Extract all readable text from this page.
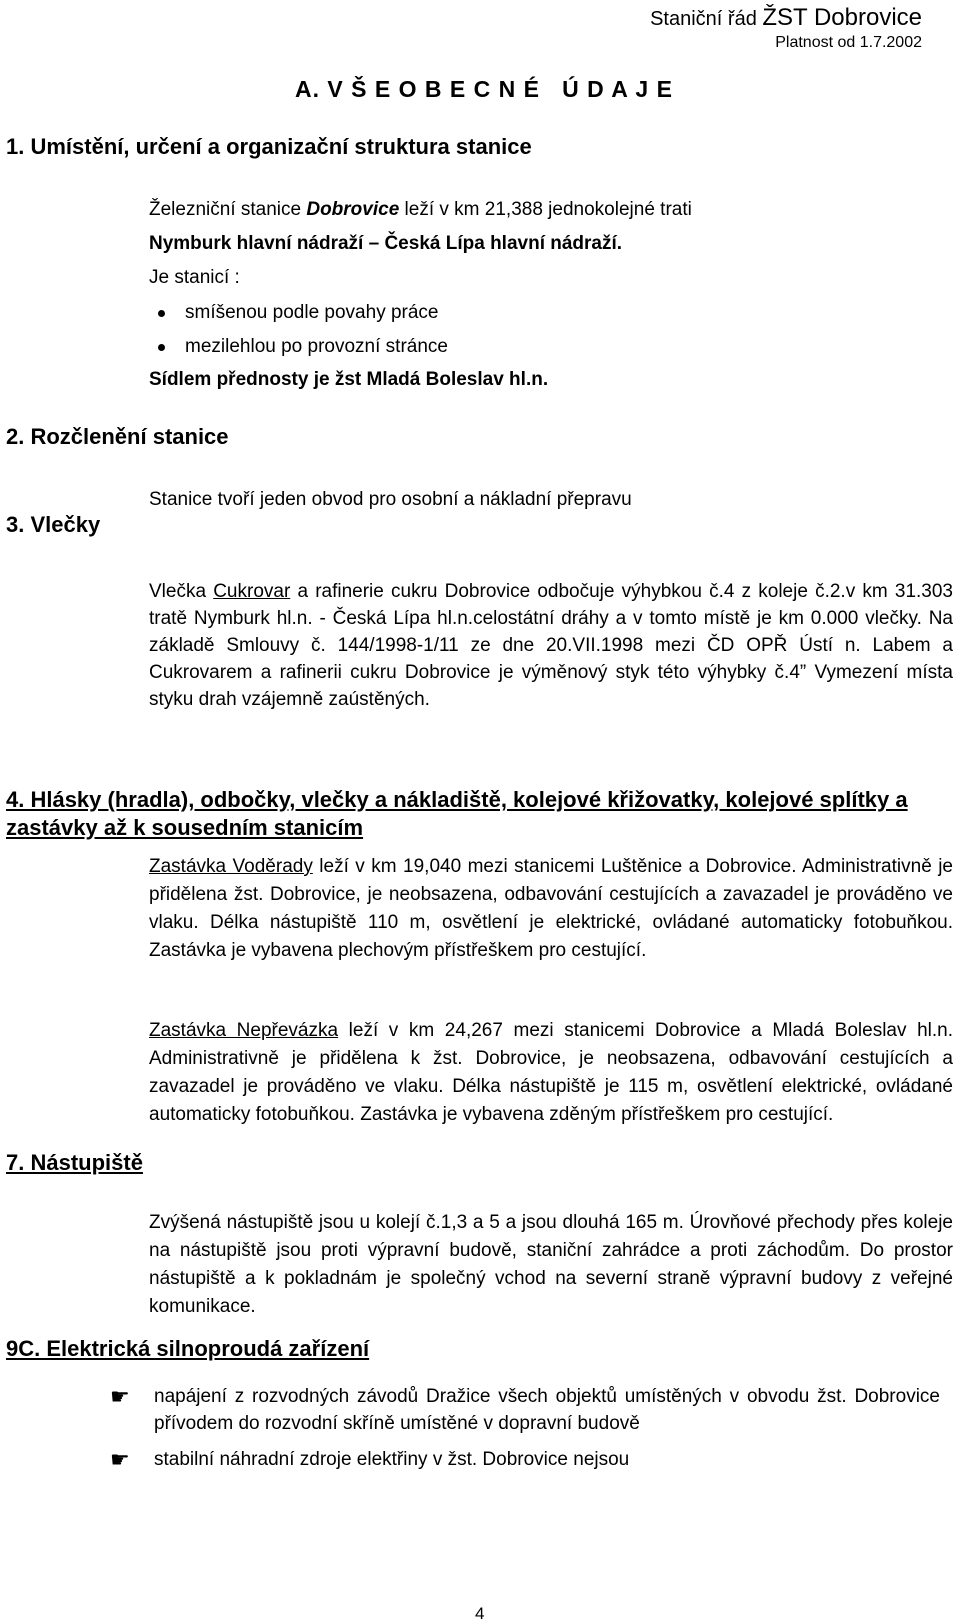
Staniční řád ŽST Dobrovice
Platnost od 1.7.2002
A. V Š E O B E C N É   Ú D A J E
1. Umístění, určení a organizační struktura stanice
Železniční stanice Dobrovice leží v km 21,388 jednokolejné trati
Nymburk hlavní nádraží – Česká Lípa hlavní nádraží.
Je stanicí :
smíšenou podle povahy práce
mezilehlou po provozní stránce
Sídlem přednosty je žst Mladá Boleslav hl.n.
2. Rozčlenění stanice
Stanice tvoří jeden obvod pro osobní a nákladní přepravu
3. Vlečky
Vlečka Cukrovar a rafinerie cukru Dobrovice odbočuje výhybkou č.4 z koleje č.2.v km 31.303 tratě Nymburk hl.n. - Česká Lípa hl.n.celostátní dráhy a v tomto místě je km 0.000 vlečky. Na základě Smlouvy č. 144/1998-1/11 ze dne 20.VII.1998 mezi ČD OPŘ Ústí n. Labem a Cukrovarem a rafinerii cukru Dobrovice je výměnový styk této výhybky č.4” Vymezení místa styku drah vzájemně zaústěných.
4. Hlásky (hradla), odbočky, vlečky a nákladiště, kolejové křižovatky, kolejové splítky a zastávky až k sousedním stanicím
Zastávka Voděrady leží v km 19,040 mezi stanicemi Luštěnice a Dobrovice. Administrativně je přidělena žst. Dobrovice, je neobsazena, odbavování cestujících a zavazadel je prováděno ve vlaku. Délka nástupiště 110 m, osvětlení je elektrické, ovládané automaticky fotobuňkou. Zastávka je vybavena plechovým přístřeškem pro cestující.
Zastávka Nepřevázka leží v km 24,267 mezi stanicemi Dobrovice a Mladá Boleslav hl.n. Administrativně je přidělena k žst. Dobrovice, je neobsazena, odbavování cestujících a zavazadel je prováděno ve vlaku. Délka nástupiště je 115 m, osvětlení elektrické, ovládané automaticky fotobuňkou. Zastávka je vybavena zděným přístřeškem pro cestující.
7. Nástupiště
Zvýšená nástupiště jsou u kolejí č.1,3 a 5 a jsou dlouhá 165 m. Úrovňové přechody přes koleje na nástupiště jsou proti výpravní budově, staniční zahrádce a proti záchodům. Do prostor nástupiště a k pokladnám je společný vchod na severní straně výpravní budovy z veřejné komunikace.
9C. Elektrická silnoproudá zařízení
☛	napájení z rozvodných závodů Dražice všech objektů umístěných v obvodu žst. Dobrovice přívodem do rozvodní skříně umístěné v dopravní budově
☛	stabilní náhradní zdroje elektřiny v žst. Dobrovice nejsou
4
